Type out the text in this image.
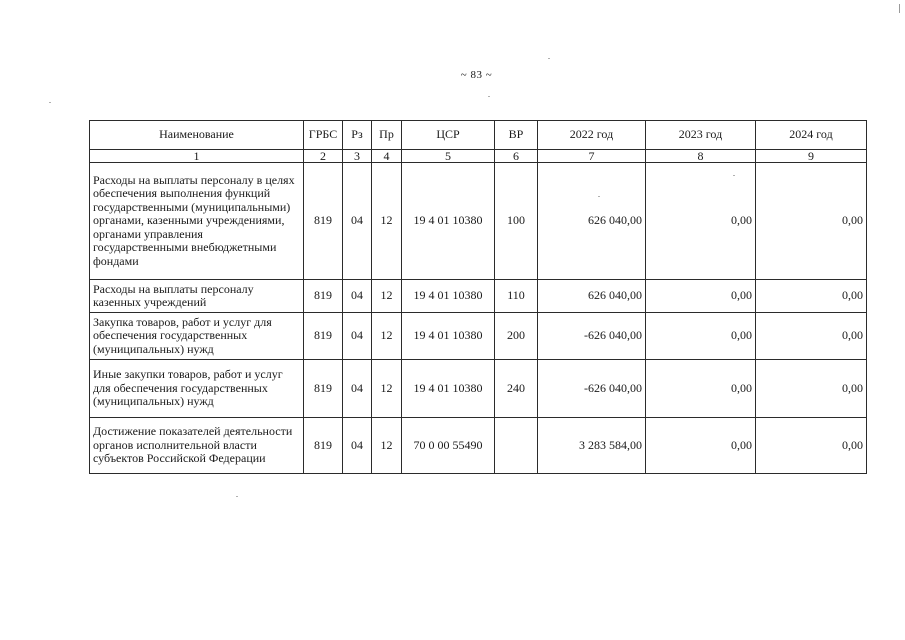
~ 83 ~
Наименование	ГРБС	Рз	Пр	ЦСР	ВР	2022 год	2023 год	2024 год
1	2	3	4	5	6	7	8	9
Расходы на выплаты персоналу в целях обеспечения выполнения функций государственными (муниципальными) органами, казенными учреждениями, органами управления государственными внебюджетными фондами	819	04	12	19 4 01 10380	100	626 040,00	0,00	0,00
Расходы на выплаты персоналу казенных учреждений	819	04	12	19 4 01 10380	110	626 040,00	0,00	0,00
Закупка товаров, работ и услуг для обеспечения государственных (муниципальных) нужд	819	04	12	19 4 01 10380	200	-626 040,00	0,00	0,00
Иные закупки товаров, работ и услуг для обеспечения государственных (муниципальных) нужд	819	04	12	19 4 01 10380	240	-626 040,00	0,00	0,00
Достижение показателей деятельности органов исполнительной власти субъектов Российской Федерации	819	04	12	70 0 00 55490		3 283 584,00	0,00	0,00
